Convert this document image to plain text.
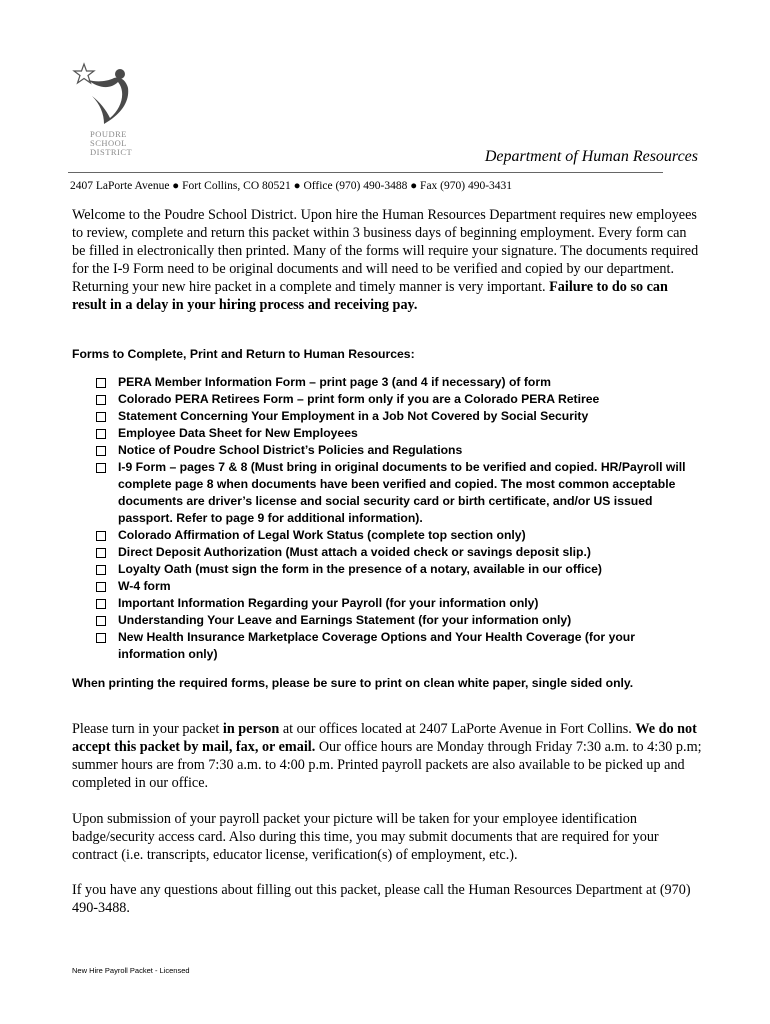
POUDRE
SCHOOL
DISTRICT	Department of Human Resources
2407 LaPorte Avenue ● Fort Collins, CO 80521 ● Office (970) 490-3488 ● Fax (970) 490-3431
Welcome to the Poudre School District. Upon hire the Human Resources Department requires new employees to review, complete and return this packet within 3 business days of beginning employment. Every form can be filled in electronically then printed. Many of the forms will require your signature. The documents required for the I-9 Form need to be original documents and will need to be verified and copied by our department. Returning your new hire packet in a complete and timely manner is very important. Failure to do so can result in a delay in your hiring process and receiving pay.
Forms to Complete, Print and Return to Human Resources:
PERA Member Information Form – print page 3 (and 4 if necessary) of form
Colorado PERA Retirees Form – print form only if you are a Colorado PERA Retiree
Statement Concerning Your Employment in a Job Not Covered by Social Security
Employee Data Sheet for New Employees
Notice of Poudre School District’s Policies and Regulations
I-9 Form – pages 7 & 8 (Must bring in original documents to be verified and copied. HR/Payroll will complete page 8 when documents have been verified and copied. The most common acceptable documents are driver’s license and social security card or birth certificate, and/or US issued passport. Refer to page 9 for additional information).
Colorado Affirmation of Legal Work Status (complete top section only)
Direct Deposit Authorization (Must attach a voided check or savings deposit slip.)
Loyalty Oath (must sign the form in the presence of a notary, available in our office)
W-4 form
Important Information Regarding your Payroll (for your information only)
Understanding Your Leave and Earnings Statement (for your information only)
New Health Insurance Marketplace Coverage Options and Your Health Coverage (for your information only)
When printing the required forms, please be sure to print on clean white paper, single sided only.
Please turn in your packet in person at our offices located at 2407 LaPorte Avenue in Fort Collins. We do not accept this packet by mail, fax, or email. Our office hours are Monday through Friday 7:30 a.m. to 4:30 p.m; summer hours are from 7:30 a.m. to 4:00 p.m. Printed payroll packets are also available to be picked up and completed in our office.
Upon submission of your payroll packet your picture will be taken for your employee identification badge/security access card. Also during this time, you may submit documents that are required for your contract (i.e. transcripts, educator license, verification(s) of employment, etc.).
If you have any questions about filling out this packet, please call the Human Resources Department at (970) 490-3488.
New Hire Payroll Packet - Licensed
